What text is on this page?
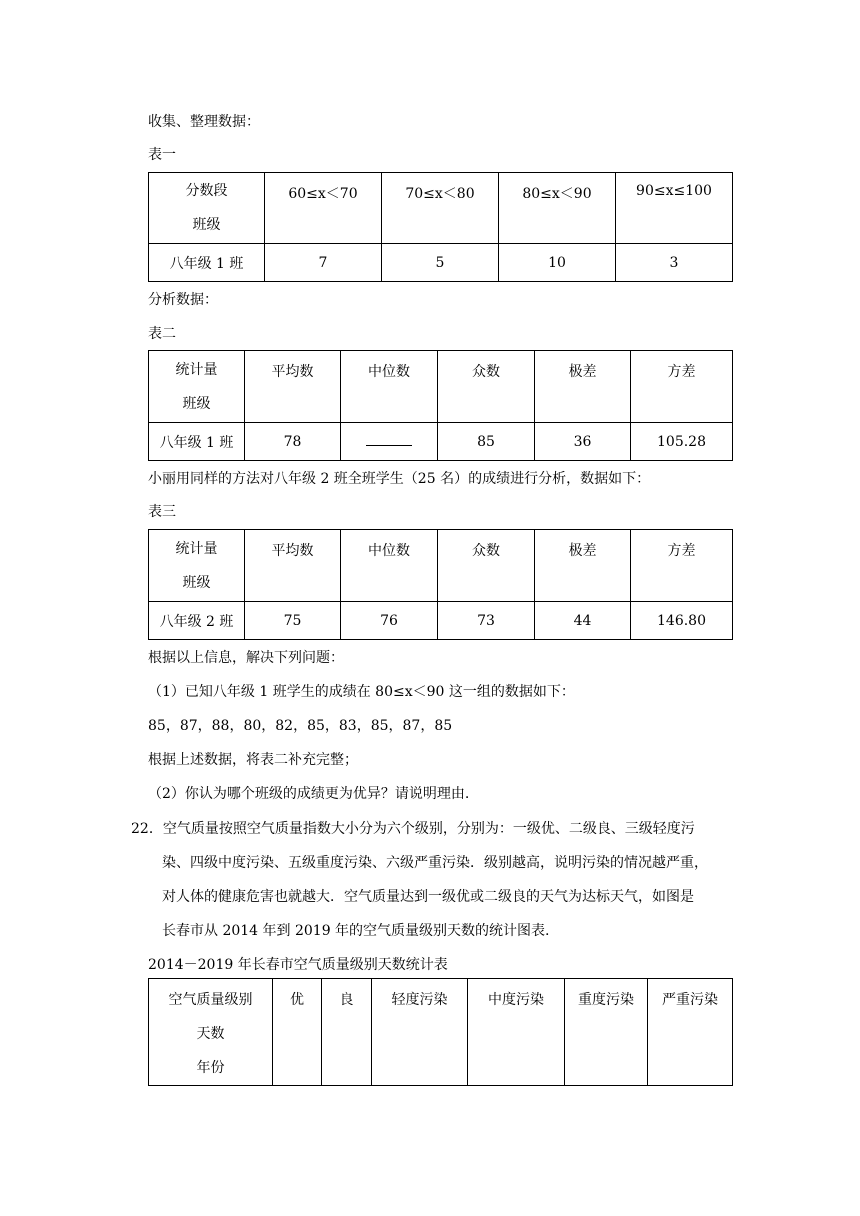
收集、整理数据：
表一
分数段
班级	60≤x＜70	70≤x＜80	80≤x＜90	90≤x≤100
八年级 1 班	7	5	10	3
分析数据：
表二
统计量
班级	平均数	中位数	众数	极差	方差
八年级 1 班	78		85	36	105.28
小丽用同样的方法对八年级 2 班全班学生（25 名）的成绩进行分析，数据如下：
表三
统计量
班级	平均数	中位数	众数	极差	方差
八年级 2 班	75	76	73	44	146.80
根据以上信息，解决下列问题：
（1）已知八年级 1 班学生的成绩在 80≤x＜90 这一组的数据如下：
85，87，88，80，82，85，83，85，87，85
根据上述数据，将表二补充完整；
（2）你认为哪个班级的成绩更为优异？请说明理由.
22．空气质量按照空气质量指数大小分为六个级别，分别为：一级优、二级良、三级轻度污
染、四级中度污染、五级重度污染、六级严重污染．级别越高，说明污染的情况越严重，
对人体的健康危害也就越大．空气质量达到一级优或二级良的天气为达标天气，如图是
长春市从 2014 年到 2019 年的空气质量级别天数的统计图表.
2014－2019 年长春市空气质量级别天数统计表
空气质量级别
天数
年份
	优	良	轻度污染	中度污染	重度污染	严重污染
